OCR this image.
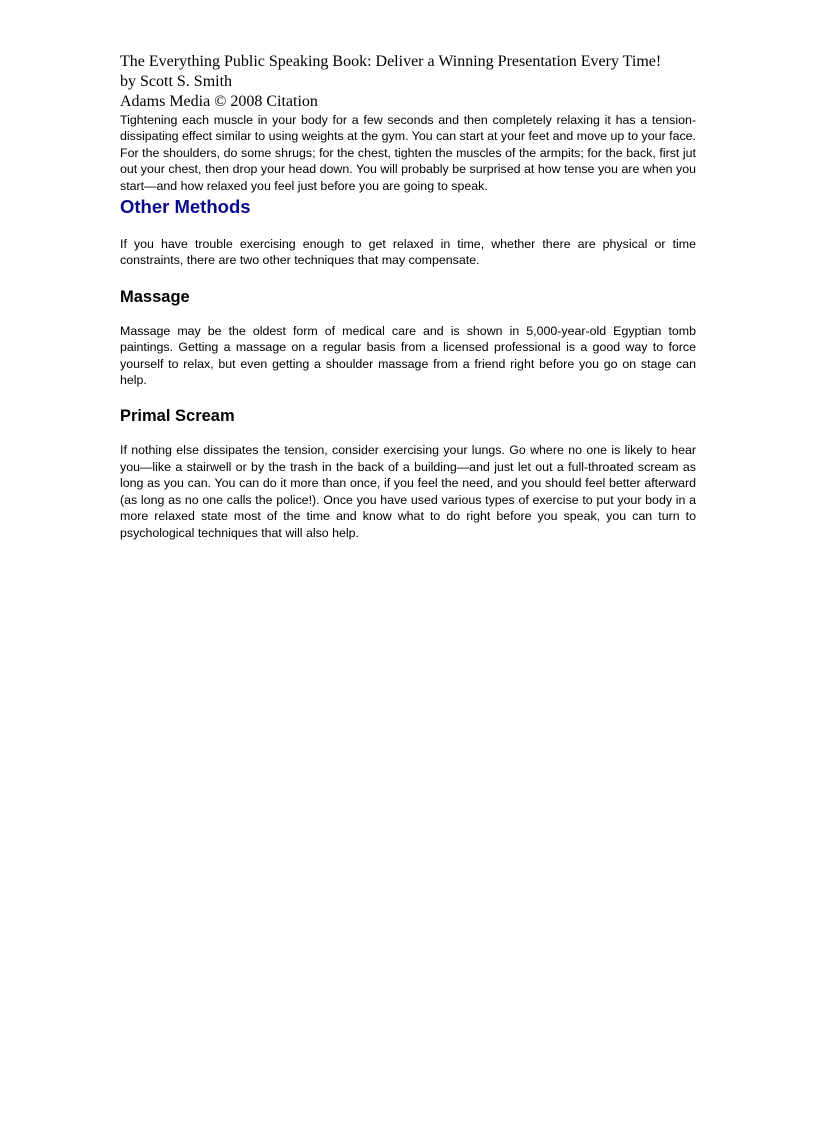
The Everything Public Speaking Book: Deliver a Winning Presentation Every Time!

by Scott S. Smith

Adams Media © 2008 Citation

Tightening each muscle in your body for a few seconds and then completely relaxing it has a tension-dissipating effect similar to using weights at the gym. You can start at your feet and move up to your face. For the shoulders, do some shrugs; for the chest, tighten the muscles of the armpits; for the back, first jut out your chest, then drop your head down. You will probably be surprised at how tense you are when you start—and how relaxed you feel just before you are going to speak.

Other Methods

If you have trouble exercising enough to get relaxed in time, whether there are physical or time constraints, there are two other techniques that may compensate.

Massage

Massage may be the oldest form of medical care and is shown in 5,000-year-old Egyptian tomb paintings. Getting a massage on a regular basis from a licensed professional is a good way to force yourself to relax, but even getting a shoulder massage from a friend right before you go on stage can help.

Primal Scream

If nothing else dissipates the tension, consider exercising your lungs. Go where no one is likely to hear you—like a stairwell or by the trash in the back of a building—and just let out a full-throated scream as long as you can. You can do it more than once, if you feel the need, and you should feel better afterward (as long as no one calls the police!). Once you have used various types of exercise to put your body in a more relaxed state most of the time and know what to do right before you speak, you can turn to psychological techniques that will also help.
